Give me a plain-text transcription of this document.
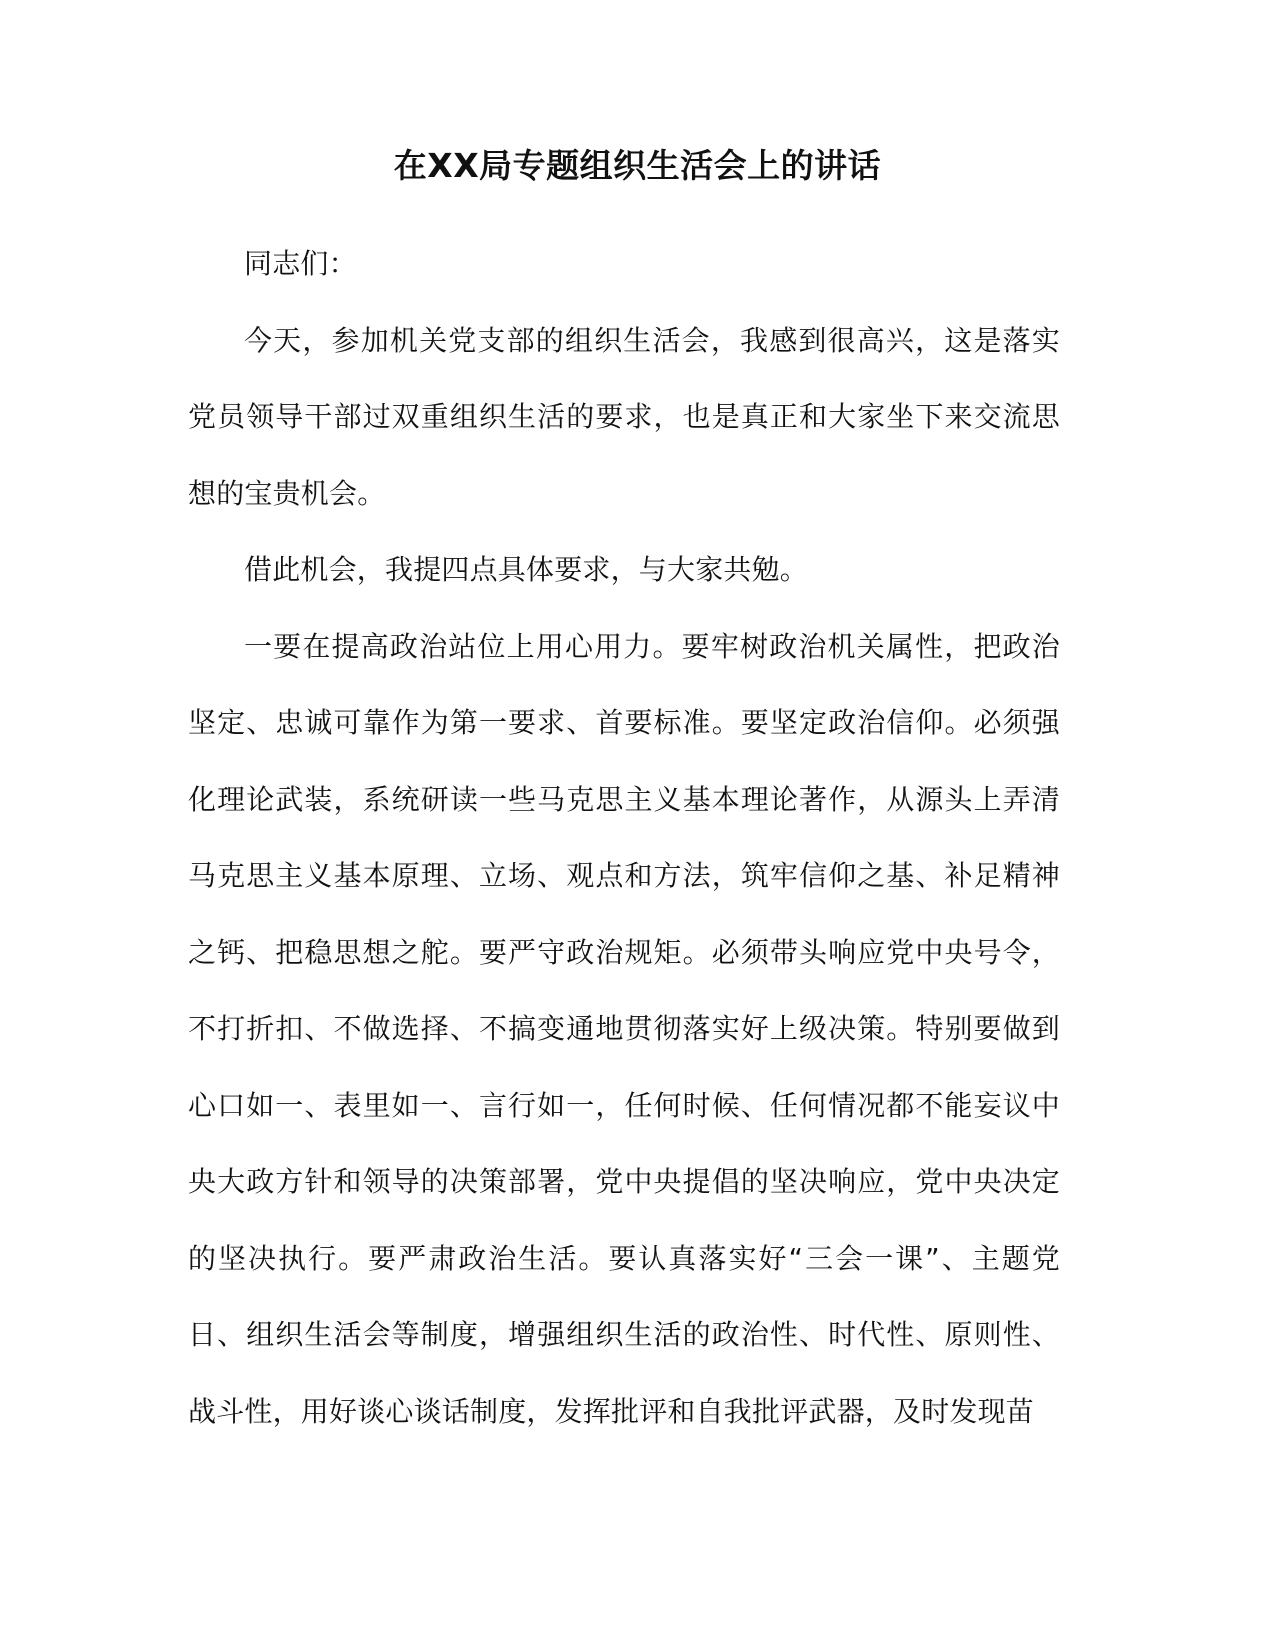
在XX局专题组织生活会上的讲话

同志们：

今天，参加机关党支部的组织生活会，我感到很高兴，这是落实党员领导干部过双重组织生活的要求，也是真正和大家坐下来交流思想的宝贵机会。

借此机会，我提四点具体要求，与大家共勉。

一要在提高政治站位上用心用力。要牢树政治机关属性，把政治坚定、忠诚可靠作为第一要求、首要标准。要坚定政治信仰。必须强化理论武装，系统研读一些马克思主义基本理论著作，从源头上弄清马克思主义基本原理、立场、观点和方法，筑牢信仰之基、补足精神之钙、把稳思想之舵。要严守政治规矩。必须带头响应党中央号令，不打折扣、不做选择、不搞变通地贯彻落实好上级决策。特别要做到心口如一、表里如一、言行如一，任何时候、任何情况都不能妄议中央大政方针和领导的决策部署，党中央提倡的坚决响应，党中央决定的坚决执行。要严肃政治生活。要认真落实好“三会一课”、主题党日、组织生活会等制度，增强组织生活的政治性、时代性、原则性、战斗性，用好谈心谈话制度，发挥批评和自我批评武器，及时发现苗
